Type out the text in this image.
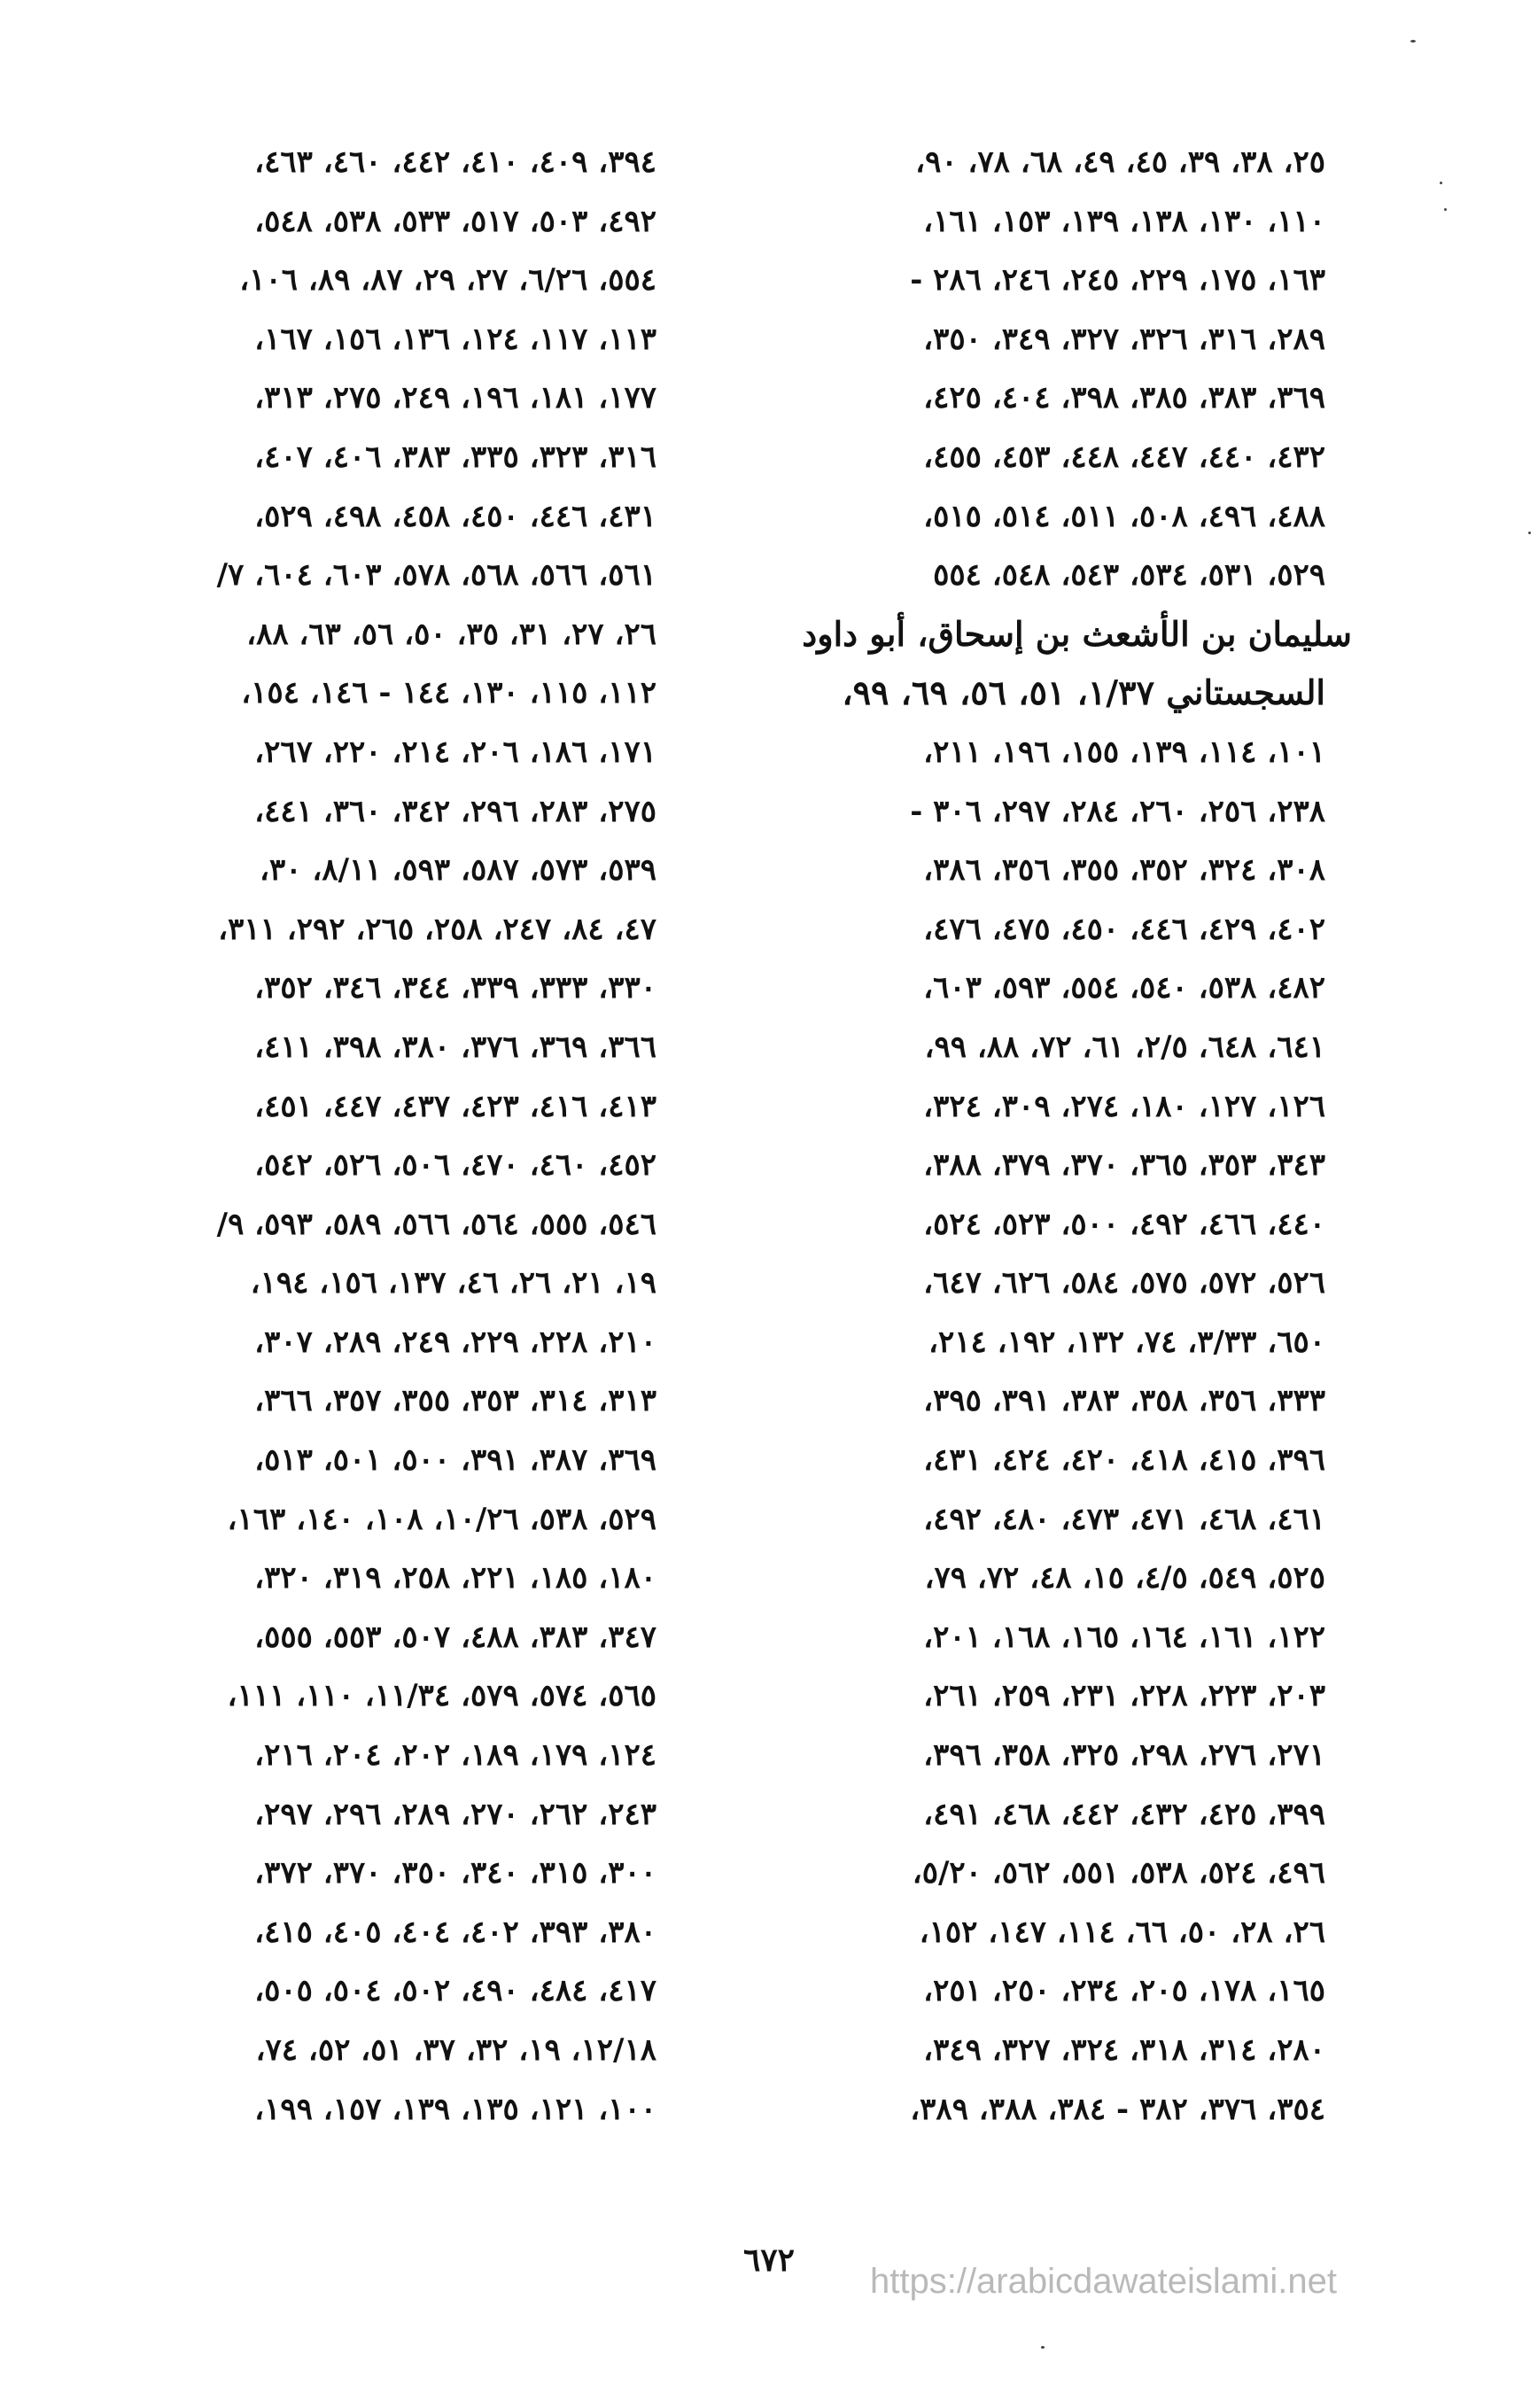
٢٥، ٣٨، ٣٩، ٤٥، ٤٩، ٦٨، ٧٨، ٩٠،
١١٠، ١٣٠، ١٣٨، ١٣٩، ١٥٣، ١٦١،
١٦٣، ١٧٥، ٢٢٩، ٢٤٥، ٢٤٦، ٢٨٦ -
٢٨٩، ٣١٦، ٣٢٦، ٣٢٧، ٣٤٩، ٣٥٠،
٣٦٩، ٣٨٣، ٣٨٥، ٣٩٨، ٤٠٤، ٤٢٥،
٤٣٢، ٤٤٠، ٤٤٧، ٤٤٨، ٤٥٣، ٤٥٥،
٤٨٨، ٤٩٦، ٥٠٨، ٥١١، ٥١٤، ٥١٥،
٥٢٩، ٥٣١، ٥٣٤، ٥٤٣، ٥٤٨، ٥٥٤
سليمان بن الأشعث بن إسحاق، أبو داود
السجستاني ١/٣٧، ٥١، ٥٦، ٦٩، ٩٩،
١٠١، ١١٤، ١٣٩، ١٥٥، ١٩٦، ٢١١،
٢٣٨، ٢٥٦، ٢٦٠، ٢٨٤، ٢٩٧، ٣٠٦ -
٣٠٨، ٣٢٤، ٣٥٢، ٣٥٥، ٣٥٦، ٣٨٦،
٤٠٢، ٤٢٩، ٤٤٦، ٤٥٠، ٤٧٥، ٤٧٦،
٤٨٢، ٥٣٨، ٥٤٠، ٥٥٤، ٥٩٣، ٦٠٣،
٦٤١، ٦٤٨، ٢/٥، ٦١، ٧٢، ٨٨، ٩٩،
١٢٦، ١٢٧، ١٨٠، ٢٧٤، ٣٠٩، ٣٢٤،
٣٤٣، ٣٥٣، ٣٦٥، ٣٧٠، ٣٧٩، ٣٨٨،
٤٤٠، ٤٦٦، ٤٩٢، ٥٠٠، ٥٢٣، ٥٢٤،
٥٢٦، ٥٧٢، ٥٧٥، ٥٨٤، ٦٢٦، ٦٤٧،
٦٥٠، ٣/٣٣، ٧٤، ١٣٢، ١٩٢، ٢١٤،
٣٣٣، ٣٥٦، ٣٥٨، ٣٨٣، ٣٩١، ٣٩٥،
٣٩٦، ٤١٥، ٤١٨، ٤٢٠، ٤٢٤، ٤٣١،
٤٦١، ٤٦٨، ٤٧١، ٤٧٣، ٤٨٠، ٤٩٢،
٥٢٥، ٥٤٩، ٤/٥، ١٥، ٤٨، ٧٢، ٧٩،
١٢٢، ١٦١، ١٦٤، ١٦٥، ١٦٨، ٢٠١،
٢٠٣، ٢٢٣، ٢٢٨، ٢٣١، ٢٥٩، ٢٦١،
٢٧١، ٢٧٦، ٢٩٨، ٣٢٥، ٣٥٨، ٣٩٦،
٣٩٩، ٤٢٥، ٤٣٢، ٤٤٢، ٤٦٨، ٤٩١،
٤٩٦، ٥٢٤، ٥٣٨، ٥٥١، ٥٦٢، ٥/٢٠،
٢٦، ٢٨، ٥٠، ٦٦، ١١٤، ١٤٧، ١٥٢،
١٦٥، ١٧٨، ٢٠٥، ٢٣٤، ٢٥٠، ٢٥١،
٢٨٠، ٣١٤، ٣١٨، ٣٢٤، ٣٢٧، ٣٤٩،
٣٥٤، ٣٧٦، ٣٨٢ - ٣٨٤، ٣٨٨، ٣٨٩،
٣٩٤، ٤٠٩، ٤١٠، ٤٤٢، ٤٦٠، ٤٦٣،
٤٩٢، ٥٠٣، ٥١٧، ٥٣٣، ٥٣٨، ٥٤٨،
٥٥٤، ٦/٢٦، ٢٧، ٢٩، ٨٧، ٨٩، ١٠٦،
١١٣، ١١٧، ١٢٤، ١٣٦، ١٥٦، ١٦٧،
١٧٧، ١٨١، ١٩٦، ٢٤٩، ٢٧٥، ٣١٣،
٣١٦، ٣٢٣، ٣٣٥، ٣٨٣، ٤٠٦، ٤٠٧،
٤٣١، ٤٤٦، ٤٥٠، ٤٥٨، ٤٩٨، ٥٢٩،
٥٦١، ٥٦٦، ٥٦٨، ٥٧٨، ٦٠٣، ٦٠٤، ٧/
٢٦، ٢٧، ٣١، ٣٥، ٥٠، ٥٦، ٦٣، ٨٨،
١١٢، ١١٥، ١٣٠، ١٤٤ - ١٤٦، ١٥٤،
١٧١، ١٨٦، ٢٠٦، ٢١٤، ٢٢٠، ٢٦٧،
٢٧٥، ٢٨٣، ٢٩٦، ٣٤٢، ٣٦٠، ٤٤١،
٥٣٩، ٥٧٣، ٥٨٧، ٥٩٣، ٨/١١، ٣٠،
٤٧، ٨٤، ٢٤٧، ٢٥٨، ٢٦٥، ٢٩٢، ٣١١،
٣٣٠، ٣٣٣، ٣٣٩، ٣٤٤، ٣٤٦، ٣٥٢،
٣٦٦، ٣٦٩، ٣٧٦، ٣٨٠، ٣٩٨، ٤١١،
٤١٣، ٤١٦، ٤٢٣، ٤٣٧، ٤٤٧، ٤٥١،
٤٥٢، ٤٦٠، ٤٧٠، ٥٠٦، ٥٢٦، ٥٤٢،
٥٤٦، ٥٥٥، ٥٦٤، ٥٦٦، ٥٨٩، ٥٩٣، ٩/
١٩، ٢١، ٢٦، ٤٦، ١٣٧، ١٥٦، ١٩٤،
٢١٠، ٢٢٨، ٢٢٩، ٢٤٩، ٢٨٩، ٣٠٧،
٣١٣، ٣١٤، ٣٥٣، ٣٥٥، ٣٥٧، ٣٦٦،
٣٦٩، ٣٨٧، ٣٩١، ٥٠٠، ٥٠١، ٥١٣،
٥٢٩، ٥٣٨، ١٠/٢٦، ١٠٨، ١٤٠، ١٦٣،
١٨٠، ١٨٥، ٢٢١، ٢٥٨، ٣١٩، ٣٢٠،
٣٤٧، ٣٨٣، ٤٨٨، ٥٠٧، ٥٥٣، ٥٥٥،
٥٦٥، ٥٧٤، ٥٧٩، ١١/٣٤، ١١٠، ١١١،
١٢٤، ١٧٩، ١٨٩، ٢٠٢، ٢٠٤، ٢١٦،
٢٤٣، ٢٦٢، ٢٧٠، ٢٨٩، ٢٩٦، ٢٩٧،
٣٠٠، ٣١٥، ٣٤٠، ٣٥٠، ٣٧٠، ٣٧٢،
٣٨٠، ٣٩٣، ٤٠٢، ٤٠٤، ٤٠٥، ٤١٥،
٤١٧، ٤٨٤، ٤٩٠، ٥٠٢، ٥٠٤، ٥٠٥،
١٢/١٨، ١٩، ٣٢، ٣٧، ٥١، ٥٢، ٧٤،
١٠٠، ١٢١، ١٣٥، ١٣٩، ١٥٧، ١٩٩،
٦٧٢
https://arabicdawateislami.net
